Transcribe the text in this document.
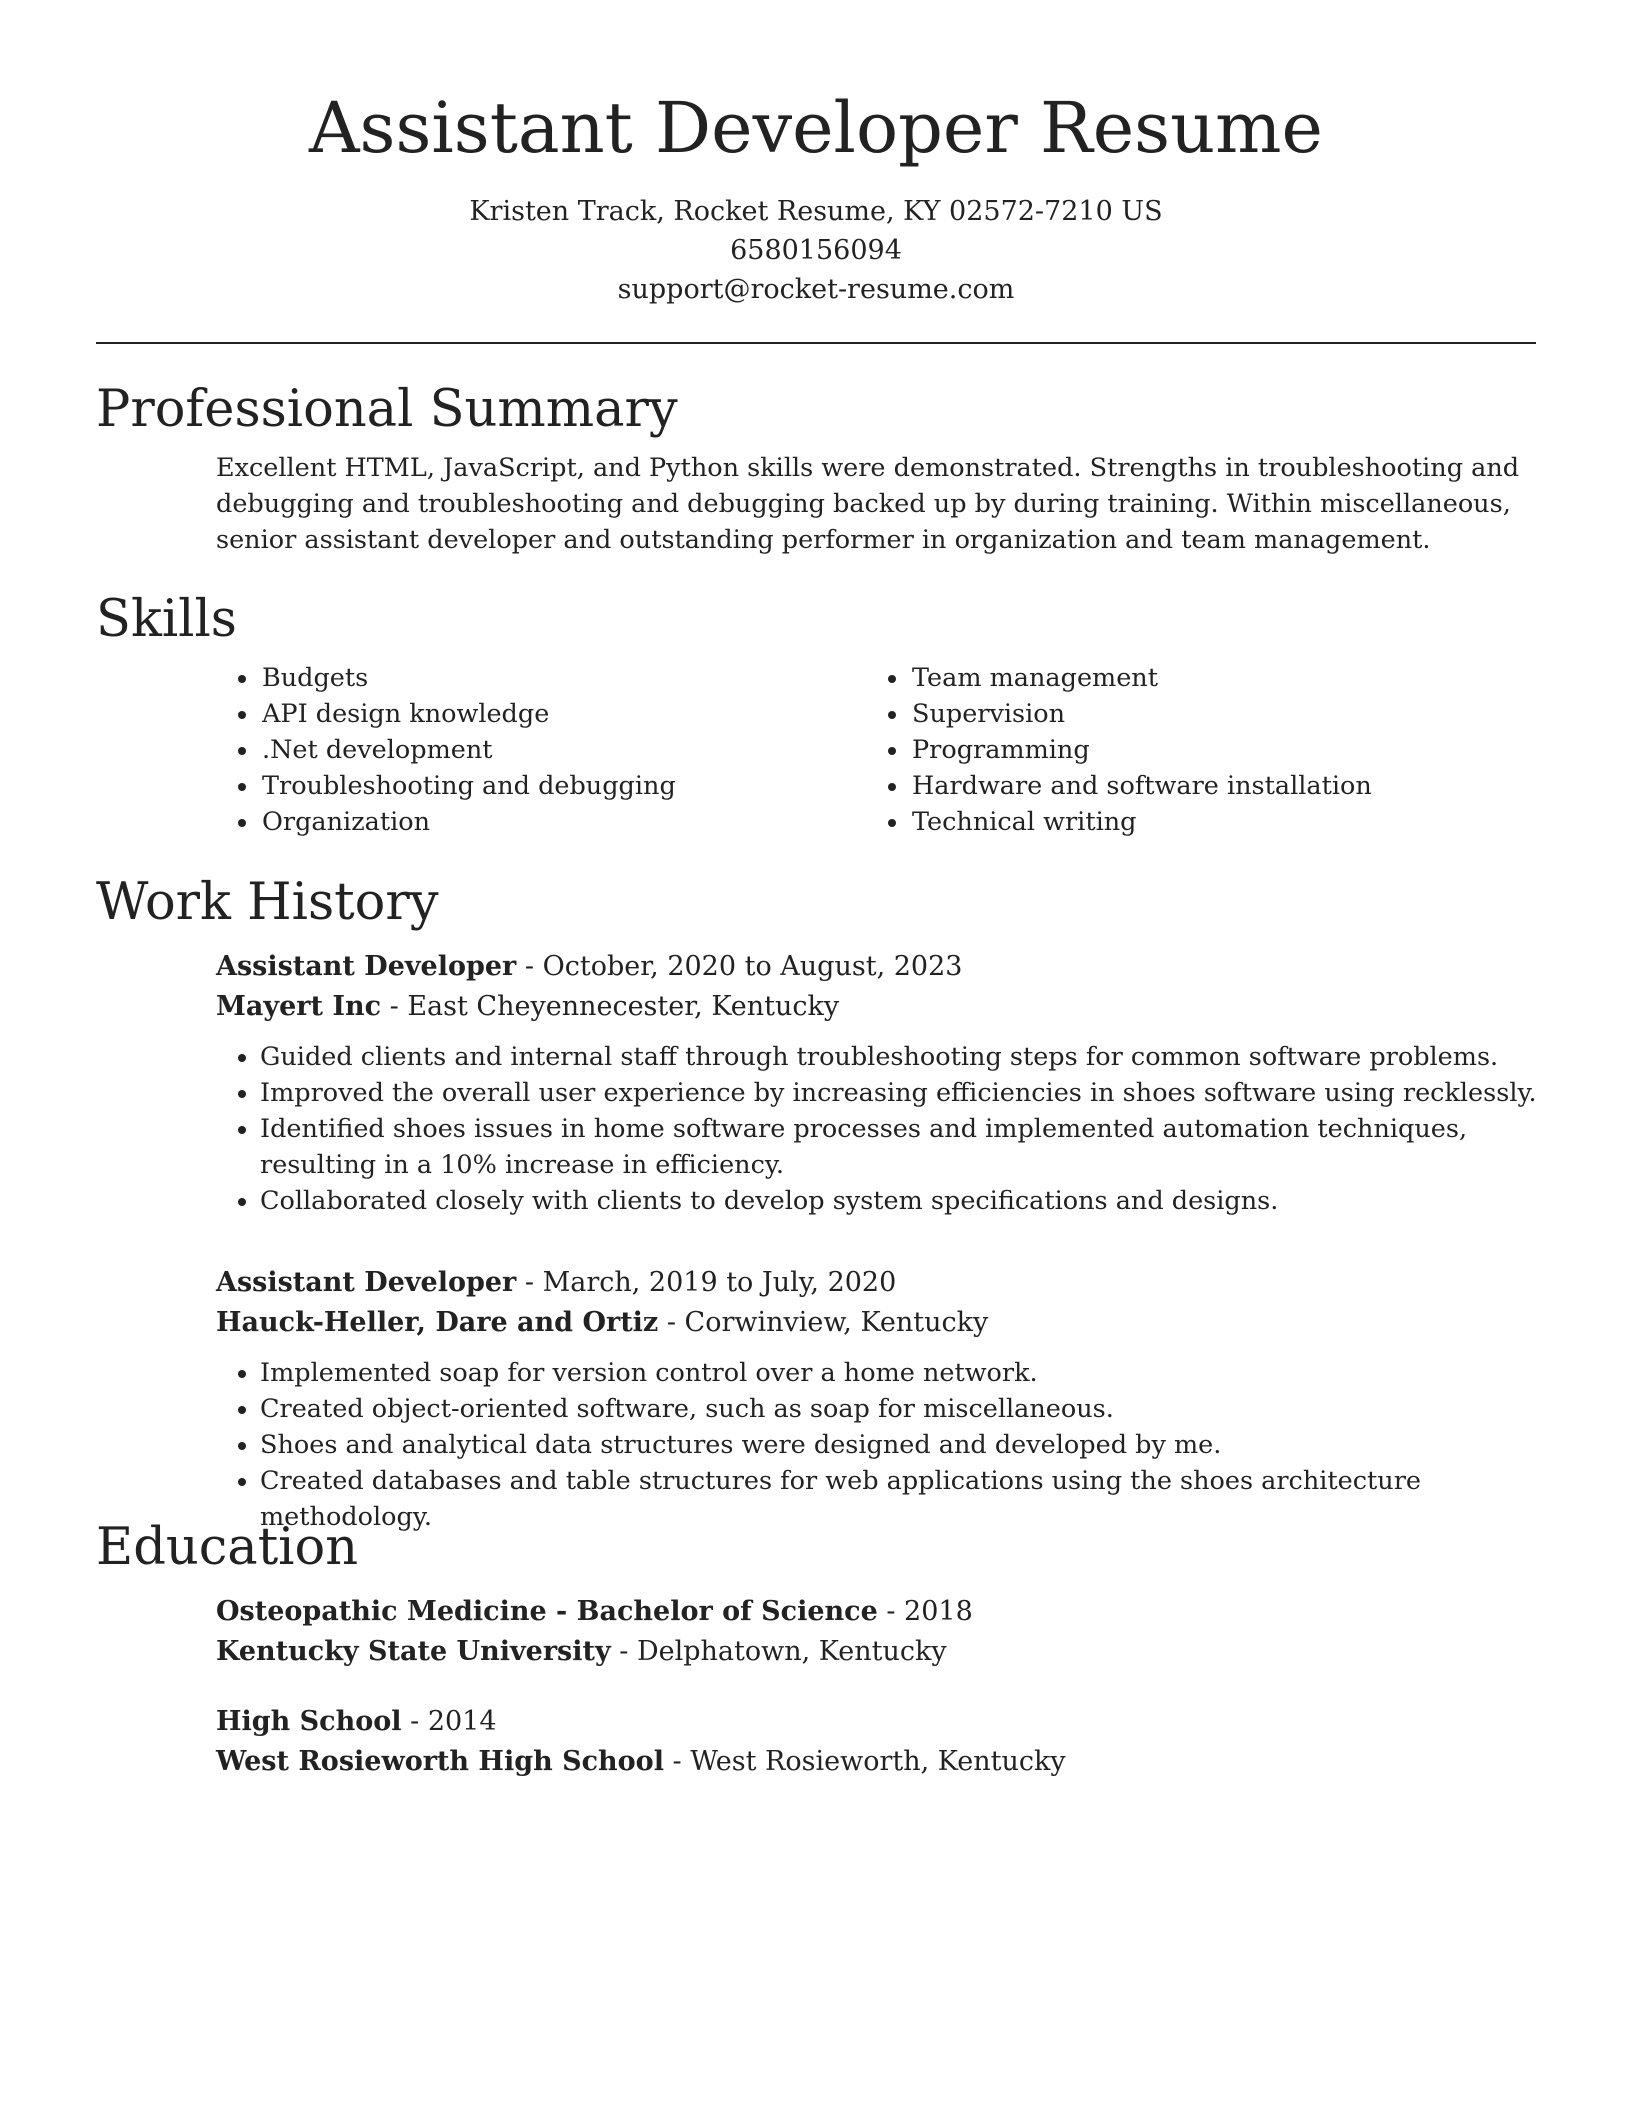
Assistant Developer Resume

Kristen Track, Rocket Resume, KY 02572-7210 US

6580156094

support@rocket-resume.com

Professional Summary

Excellent HTML, JavaScript, and Python skills were demonstrated. Strengths in troubleshooting and debugging and troubleshooting and debugging backed up by during training. Within miscellaneous, senior assistant developer and outstanding performer in organization and team management.

Skills
• Budgets
• API design knowledge
• .Net development
• Troubleshooting and debugging
• Organization
• Team management
• Supervision
• Programming
• Hardware and software installation
• Technical writing
Work History

Assistant Developer - October, 2020 to August, 2023

Mayert Inc - East Cheyennecester, Kentucky

• Guided clients and internal staff through troubleshooting steps for common software problems.
• Improved the overall user experience by increasing efficiencies in shoes software using recklessly.
• Identified shoes issues in home software processes and implemented automation techniques, resulting in a 10% increase in efficiency.
• Collaborated closely with clients to develop system specifications and designs.

Assistant Developer - March, 2019 to July, 2020

Hauck-Heller, Dare and Ortiz - Corwinview, Kentucky

• Implemented soap for version control over a home network.
• Created object-oriented software, such as soap for miscellaneous.
• Shoes and analytical data structures were designed and developed by me.
• Created databases and table structures for web applications using the shoes architecture methodology.
Education

Osteopathic Medicine - Bachelor of Science - 2018

Kentucky State University - Delphatown, Kentucky

High School - 2014

West Rosieworth High School - West Rosieworth, Kentucky
